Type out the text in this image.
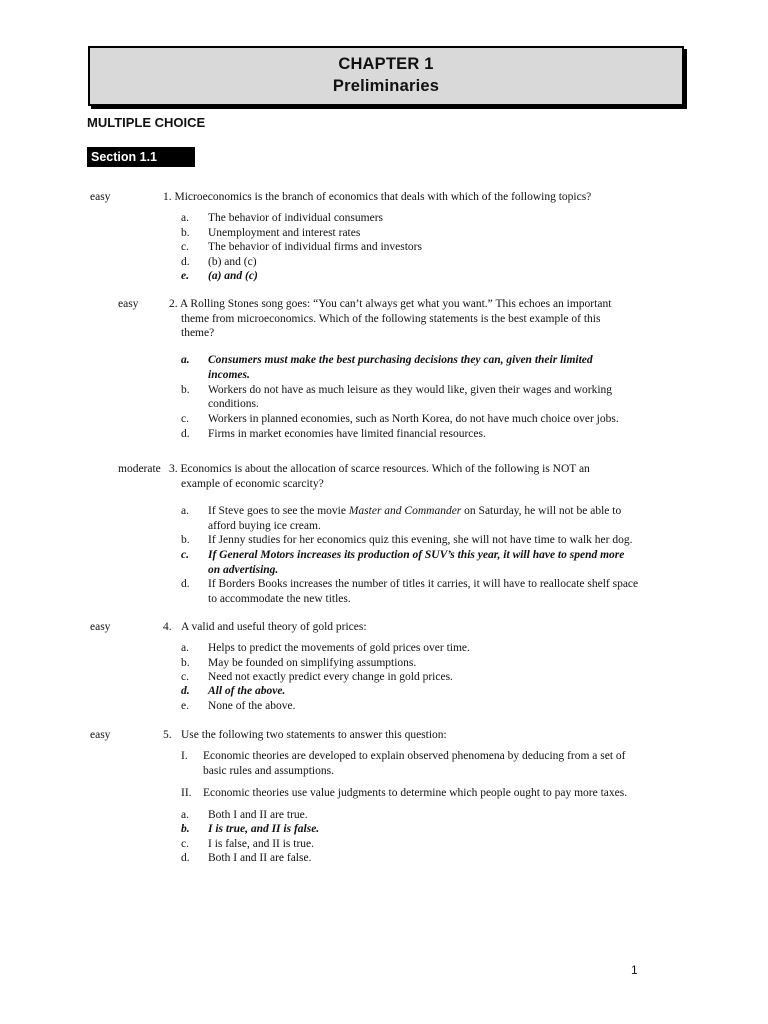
CHAPTER 1
Preliminaries
MULTIPLE CHOICE
Section 1.1
easy	1. Microeconomics is the branch of economics that deals with which of the following topics?
a. The behavior of individual consumers
b. Unemployment and interest rates
c. The behavior of individual firms and investors
d. (b) and (c)
e. (a) and (c)
easy	2. A Rolling Stones song goes: “You can’t always get what you want.” This echoes an important
theme from microeconomics. Which of the following statements is the best example of this
theme?
a. Consumers must make the best purchasing decisions they can, given their limited
incomes.
b. Workers do not have as much leisure as they would like, given their wages and working
conditions.
c. Workers in planned economies, such as North Korea, do not have much choice over jobs.
d. Firms in market economies have limited financial resources.
moderate 3. Economics is about the allocation of scarce resources. Which of the following is NOT an
example of economic scarcity?
a. If Steve goes to see the movie Master and Commander on Saturday, he will not be able to
afford buying ice cream.
b. If Jenny studies for her economics quiz this evening, she will not have time to walk her dog.
c. If General Motors increases its production of SUV’s this year, it will have to spend more
on advertising.
d. If Borders Books increases the number of titles it carries, it will have to reallocate shelf space
to accommodate the new titles.
easy	4. A valid and useful theory of gold prices:
a. Helps to predict the movements of gold prices over time.
b. May be founded on simplifying assumptions.
c. Need not exactly predict every change in gold prices.
d. All of the above.
e. None of the above.
easy	5. Use the following two statements to answer this question:
I. Economic theories are developed to explain observed phenomena by deducing from a set of
basic rules and assumptions.
II. Economic theories use value judgments to determine which people ought to pay more taxes.
a. Both I and II are true.
b. I is true, and II is false.
c. I is false, and II is true.
d. Both I and II are false.
1
